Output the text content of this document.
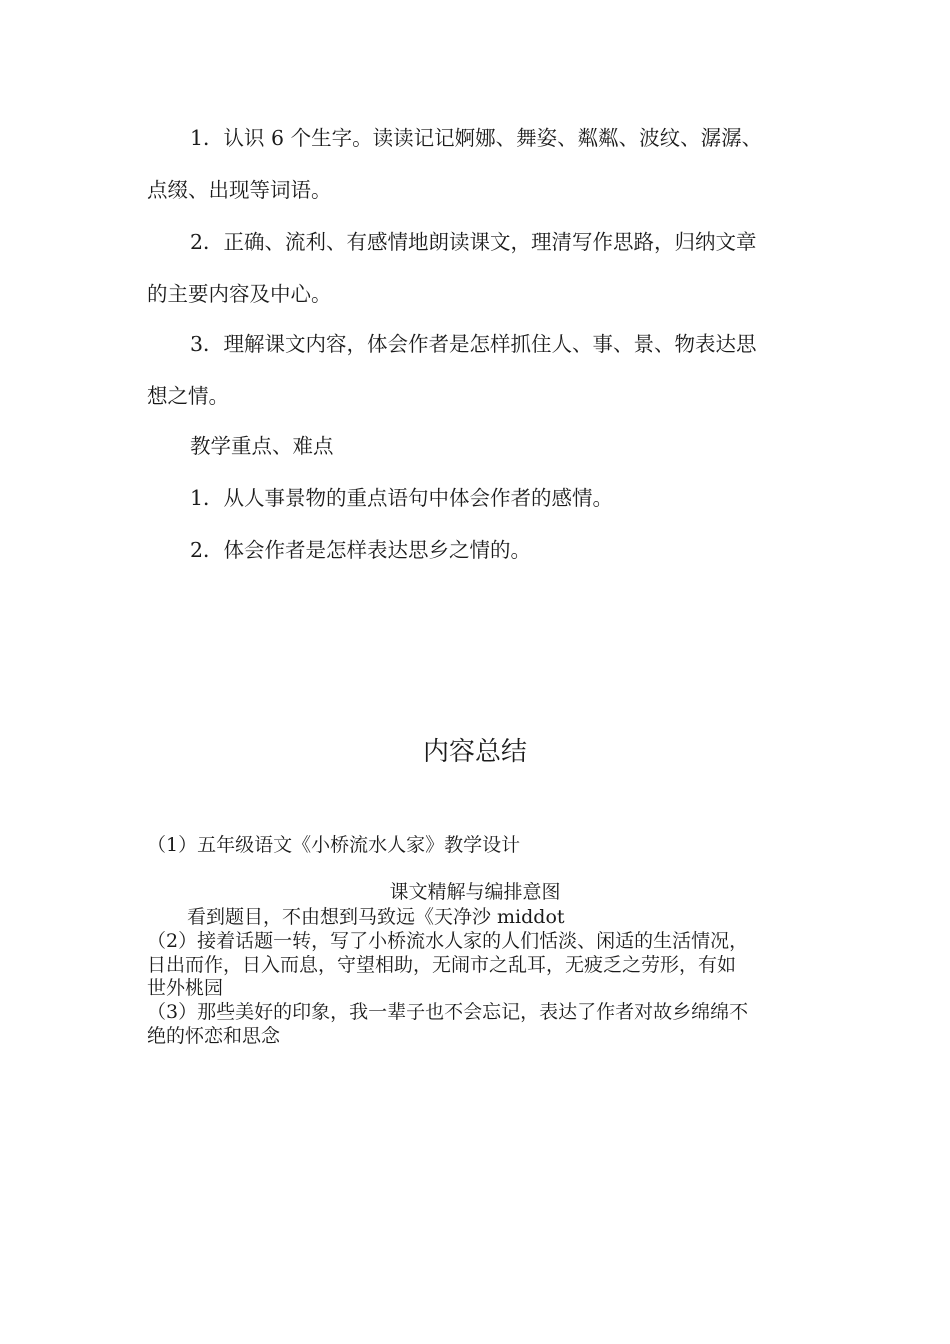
1．认识 6 个生字。读读记记婀娜、舞姿、粼粼、波纹、潺潺、
点缀、出现等词语。
2．正确、流利、有感情地朗读课文，理清写作思路，归纳文章
的主要内容及中心。
3．理解课文内容，体会作者是怎样抓住人、事、景、物表达思
想之情。
教学重点、难点
1．从人事景物的重点语句中体会作者的感情。
2．体会作者是怎样表达思乡之情的。
内容总结
（1）五年级语文《小桥流水人家》教学设计
课文精解与编排意图
看到题目，不由想到马致远《天净沙 middot
（2）接着话题一转，写了小桥流水人家的人们恬淡、闲适的生活情况，
日出而作，日入而息，守望相助，无闹市之乱耳，无疲乏之劳形，有如
世外桃园
（3）那些美好的印象，我一辈子也不会忘记，表达了作者对故乡绵绵不
绝的怀恋和思念
